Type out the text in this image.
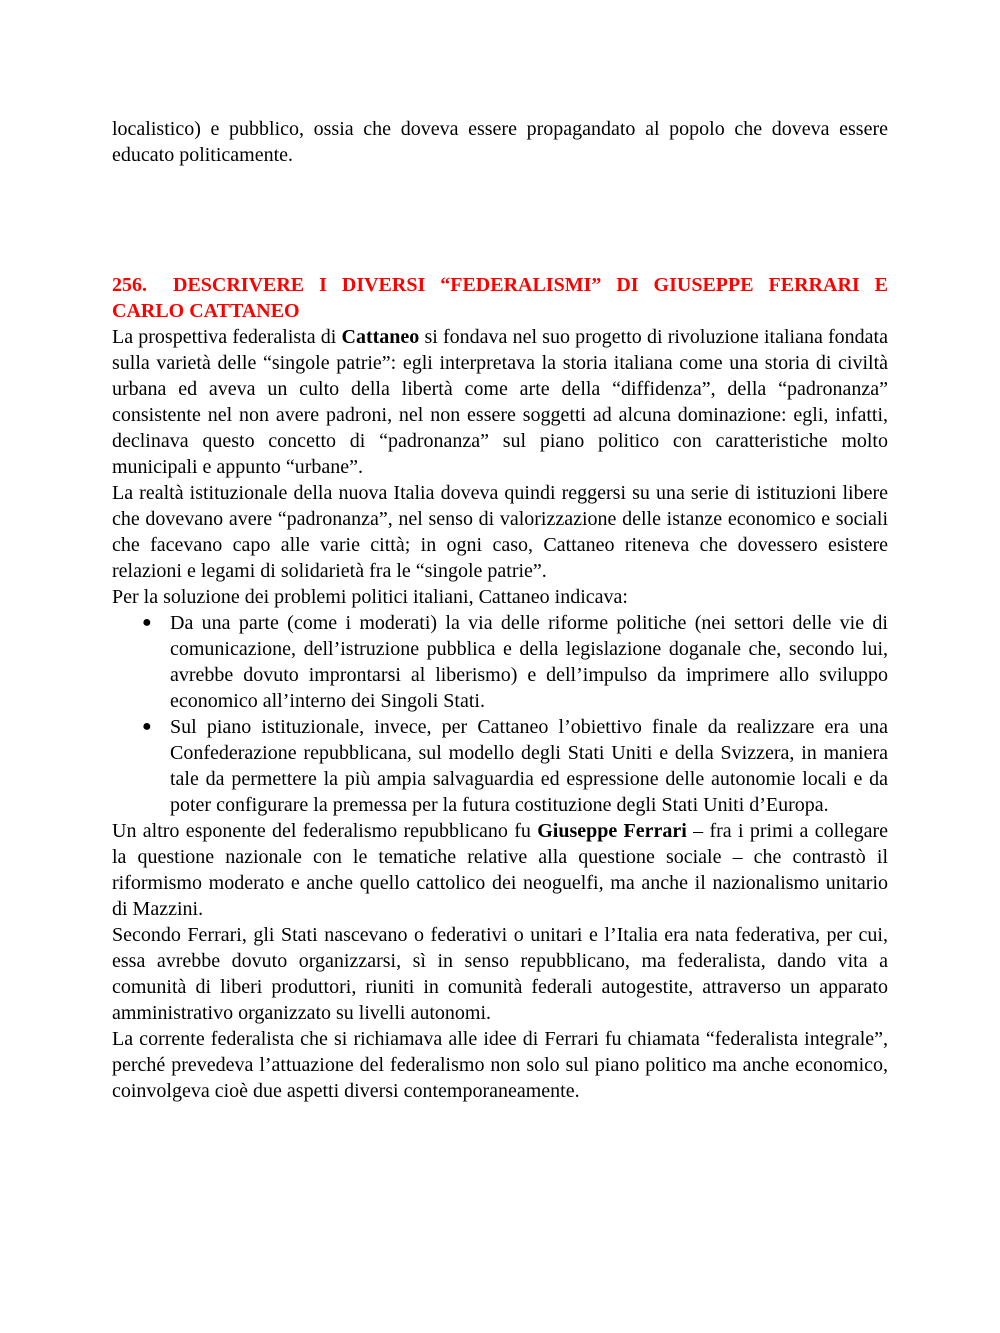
localistico) e pubblico, ossia che doveva essere propagandato al popolo che doveva essere educato politicamente.

256. DESCRIVERE I DIVERSI “FEDERALISMI” DI GIUSEPPE FERRARI E CARLO CATTANEO

La prospettiva federalista di Cattaneo si fondava nel suo progetto di rivoluzione italiana fondata sulla varietà delle “singole patrie”: egli interpretava la storia italiana come una storia di civiltà urbana ed aveva un culto della libertà come arte della “diffidenza”, della “padronanza” consistente nel non avere padroni, nel non essere soggetti ad alcuna dominazione: egli, infatti, declinava questo concetto di “padronanza” sul piano politico con caratteristiche molto municipali e appunto “urbane”.

La realtà istituzionale della nuova Italia doveva quindi reggersi su una serie di istituzioni libere che dovevano avere “padronanza”, nel senso di valorizzazione delle istanze economico e sociali che facevano capo alle varie città; in ogni caso, Cattaneo riteneva che dovessero esistere relazioni e legami di solidarietà fra le “singole patrie”.

Per la soluzione dei problemi politici italiani, Cattaneo indicava:

● Da una parte (come i moderati) la via delle riforme politiche (nei settori delle vie di comunicazione, dell’istruzione pubblica e della legislazione doganale che, secondo lui, avrebbe dovuto improntarsi al liberismo) e dell’impulso da imprimere allo sviluppo economico all’interno dei Singoli Stati.
● Sul piano istituzionale, invece, per Cattaneo l’obiettivo finale da realizzare era una Confederazione repubblicana, sul modello degli Stati Uniti e della Svizzera, in maniera tale da permettere la più ampia salvaguardia ed espressione delle autonomie locali e da poter configurare la premessa per la futura costituzione degli Stati Uniti d’Europa.

Un altro esponente del federalismo repubblicano fu Giuseppe Ferrari – fra i primi a collegare la questione nazionale con le tematiche relative alla questione sociale – che contrastò il riformismo moderato e anche quello cattolico dei neoguelfi, ma anche il nazionalismo unitario di Mazzini.

Secondo Ferrari, gli Stati nascevano o federativi o unitari e l’Italia era nata federativa, per cui, essa avrebbe dovuto organizzarsi, sì in senso repubblicano, ma federalista, dando vita a comunità di liberi produttori, riuniti in comunità federali autogestite, attraverso un apparato amministrativo organizzato su livelli autonomi.

La corrente federalista che si richiamava alle idee di Ferrari fu chiamata “federalista integrale”, perché prevedeva l’attuazione del federalismo non solo sul piano politico ma anche economico, coinvolgeva cioè due aspetti diversi contemporaneamente.
